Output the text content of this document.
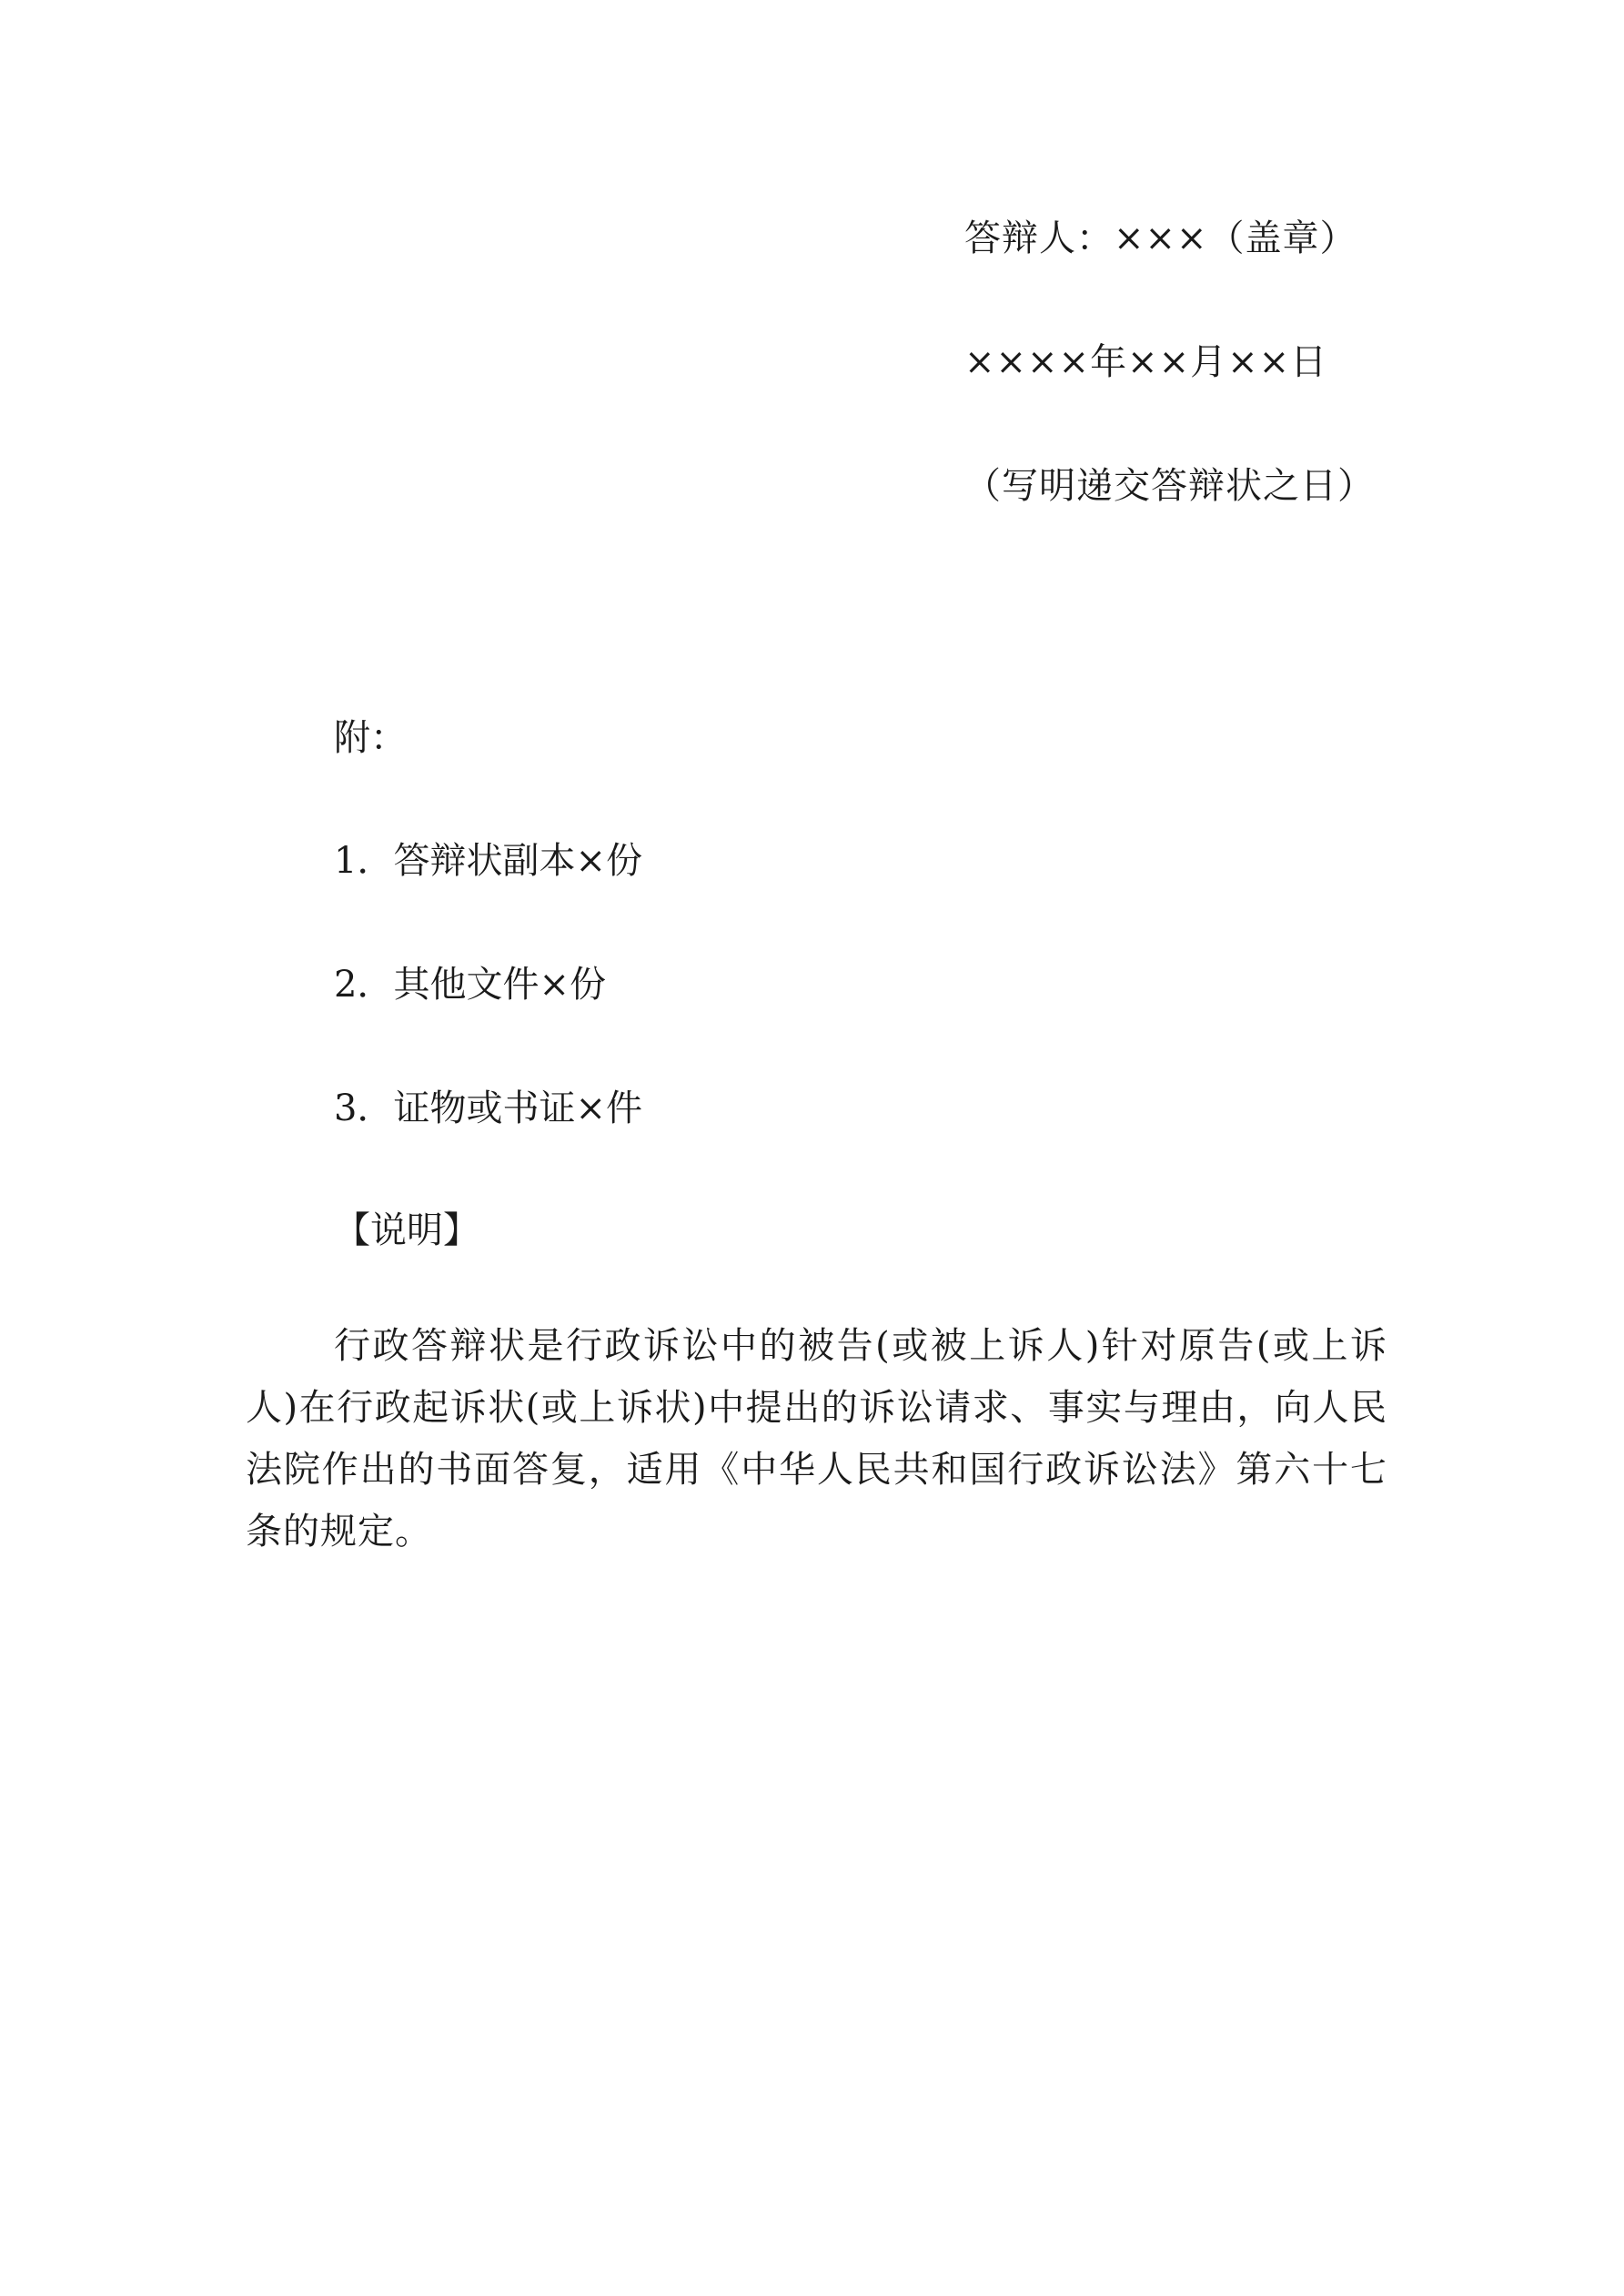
答辩人：×××（盖章）
××××年××月××日
（写明递交答辩状之日）
附：
1．答辩状副本×份
2．其他文件×份
3．证物或书证×件
【说明】

行政答辩状是行政诉讼中的被告(或被上诉人)针对原告(或上诉人)在行政起诉状(或上诉状)中提出的诉讼请求、事实与理由，向人民法院作出的书面答复，适用《中华人民共和国行政诉讼法》第六十七条的规定。
